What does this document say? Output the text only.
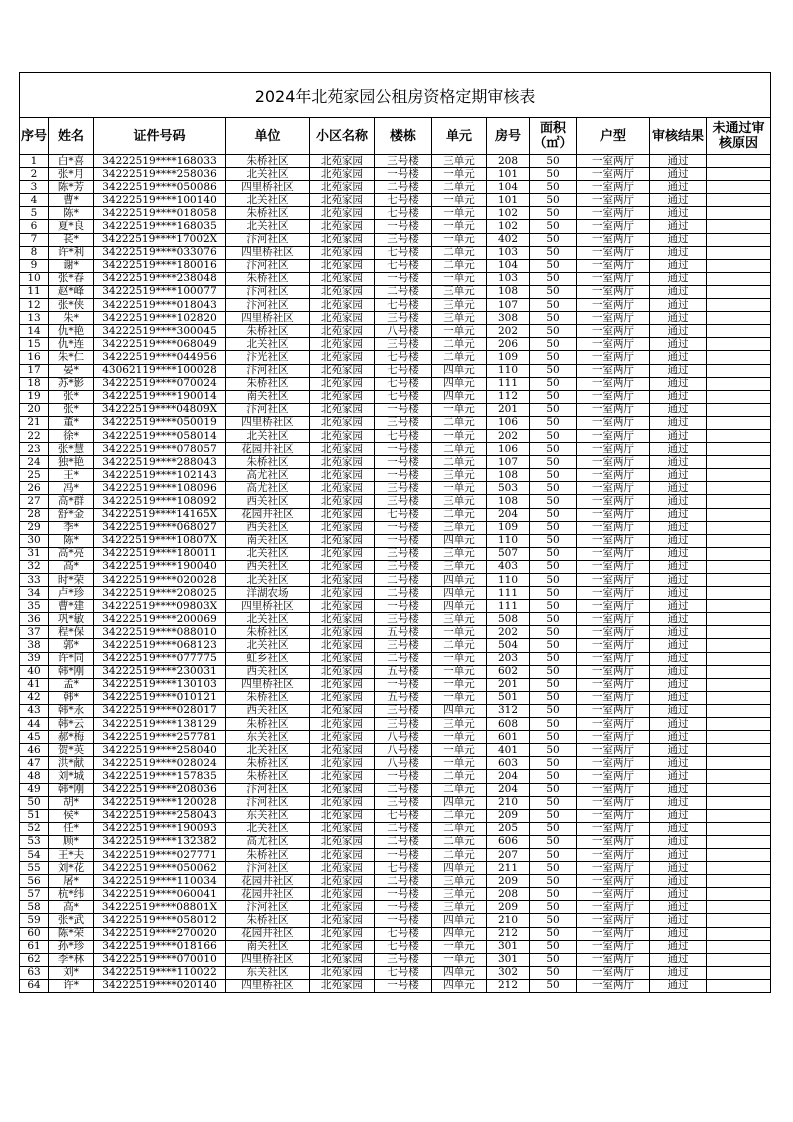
2024年北苑家园公租房资格定期审核表											
序号	姓名	证件号码	单位	小区名称	楼栋	单元	房号	面积（㎡）	户型	审核结果	未通过审核原因
1	白*喜	34222519****168033	朱桥社区	北苑家园	三号楼	三单元	208	50	一室两厅	通过	
2	张*月	34222519****258036	北关社区	北苑家园	一号楼	一单元	101	50	一室两厅	通过	
3	陈*芳	34222519****050086	四里桥社区	北苑家园	二号楼	二单元	104	50	一室两厅	通过	
4	曹*	34222519****100140	北关社区	北苑家园	七号楼	一单元	101	50	一室两厅	通过	
5	陈*	34222519****018058	朱桥社区	北苑家园	七号楼	一单元	102	50	一室两厅	通过	
6	夏*良	34222519****168035	北关社区	北苑家园	一号楼	一单元	102	50	一室两厅	通过	
7	苌*	34222519****17002X	汴河社区	北苑家园	三号楼	一单元	402	50	一室两厅	通过	
8	许*利	34222519****033076	四里桥社区	北苑家园	七号楼	二单元	103	50	一室两厅	通过	
9	谢*	34222519****180016	汴河社区	北苑家园	七号楼	二单元	104	50	一室两厅	通过	
10	张*春	34222519****238048	朱桥社区	北苑家园	一号楼	一单元	103	50	一室两厅	通过	
11	赵*峰	34222519****100077	汴河社区	北苑家园	二号楼	三单元	108	50	一室两厅	通过	
12	张*侠	34222519****018043	汴河社区	北苑家园	七号楼	三单元	107	50	一室两厅	通过	
13	朱*	34222519****102820	四里桥社区	北苑家园	三号楼	三单元	308	50	一室两厅	通过	
14	仇*艳	34222519****300045	朱桥社区	北苑家园	八号楼	一单元	202	50	一室两厅	通过	
15	仇*连	34222519****068049	北关社区	北苑家园	三号楼	二单元	206	50	一室两厅	通过	
16	朱*仁	34222519****044956	汴光社区	北苑家园	七号楼	二单元	109	50	一室两厅	通过	
17	晏*	43062119****100028	汴河社区	北苑家园	七号楼	四单元	110	50	一室两厅	通过	
18	苏*影	34222519****070024	朱桥社区	北苑家园	七号楼	四单元	111	50	一室两厅	通过	
19	张*	34222519****190014	南关社区	北苑家园	七号楼	四单元	112	50	一室两厅	通过	
20	张*	34222519****04809X	汴河社区	北苑家园	一号楼	一单元	201	50	一室两厅	通过	
21	董*	34222519****050019	四里桥社区	北苑家园	三号楼	二单元	106	50	一室两厅	通过	
22	徐*	34222519****058014	北关社区	北苑家园	七号楼	一单元	202	50	一室两厅	通过	
23	张*慧	34222519****078057	花园井社区	北苑家园	一号楼	二单元	106	50	一室两厅	通过	
24	独*艳	34222519****288043	朱桥社区	北苑家园	一号楼	二单元	107	50	一室两厅	通过	
25	王*	34222519****102143	高尤社区	北苑家园	一号楼	三单元	108	50	一室两厅	通过	
26	冯*	34222519****108096	高尤社区	北苑家园	三号楼	一单元	503	50	一室两厅	通过	
27	高*群	34222519****108092	西关社区	北苑家园	三号楼	三单元	108	50	一室两厅	通过	
28	舒*金	34222519****14165X	花园井社区	北苑家园	七号楼	二单元	204	50	一室两厅	通过	
29	季*	34222519****068027	西关社区	北苑家园	一号楼	三单元	109	50	一室两厅	通过	
30	陈*	34222519****10807X	南关社区	北苑家园	一号楼	四单元	110	50	一室两厅	通过	
31	高*亮	34222519****180011	北关社区	北苑家园	三号楼	三单元	507	50	一室两厅	通过	
32	高*	34222519****190040	西关社区	北苑家园	三号楼	三单元	403	50	一室两厅	通过	
33	时*荣	34222519****020028	北关社区	北苑家园	二号楼	四单元	110	50	一室两厅	通过	
34	卢*珍	34222519****208025	洋湖农场	北苑家园	二号楼	四单元	111	50	一室两厅	通过	
35	曹*建	34222519****09803X	四里桥社区	北苑家园	一号楼	四单元	111	50	一室两厅	通过	
36	巩*敏	34222519****200069	北关社区	北苑家园	三号楼	三单元	508	50	一室两厅	通过	
37	程*保	34222519****088010	朱桥社区	北苑家园	五号楼	一单元	202	50	一室两厅	通过	
38	郭*	34222519****068123	北关社区	北苑家园	三号楼	二单元	504	50	一室两厅	通过	
39	许*同	34222519****077775	虹乡社区	北苑家园	二号楼	一单元	203	50	一室两厅	通过	
40	韩*刚	34222519****230031	西关社区	北苑家园	五号楼	一单元	602	50	一室两厅	通过	
41	孟*	34222519****130103	四里桥社区	北苑家园	一号楼	一单元	201	50	一室两厅	通过	
42	韩*	34222519****010121	朱桥社区	北苑家园	五号楼	一单元	501	50	一室两厅	通过	
43	韩*永	34222519****028017	西关社区	北苑家园	三号楼	四单元	312	50	一室两厅	通过	
44	韩*云	34222519****138129	朱桥社区	北苑家园	三号楼	三单元	608	50	一室两厅	通过	
45	郝*梅	34222519****257781	东关社区	北苑家园	八号楼	一单元	601	50	一室两厅	通过	
46	贺*英	34222519****258040	北关社区	北苑家园	八号楼	一单元	401	50	一室两厅	通过	
47	洪*献	34222519****028024	朱桥社区	北苑家园	八号楼	一单元	603	50	一室两厅	通过	
48	刘*城	34222519****157835	朱桥社区	北苑家园	一号楼	二单元	204	50	一室两厅	通过	
49	韩*刚	34222519****208036	汴河社区	北苑家园	二号楼	二单元	204	50	一室两厅	通过	
50	胡*	34222519****120028	汴河社区	北苑家园	三号楼	四单元	210	50	一室两厅	通过	
51	侯*	34222519****258043	东关社区	北苑家园	七号楼	二单元	209	50	一室两厅	通过	
52	任*	34222519****190093	北关社区	北苑家园	二号楼	二单元	205	50	一室两厅	通过	
53	顾*	34222519****132382	高尤社区	北苑家园	二号楼	二单元	606	50	一室两厅	通过	
54	王*夫	34222519****027771	朱桥社区	北苑家园	一号楼	二单元	207	50	一室两厅	通过	
55	刘*花	34222519****050062	汴河社区	北苑家园	七号楼	四单元	211	50	一室两厅	通过	
56	屠*	34222519****110034	花园井社区	北苑家园	二号楼	三单元	209	50	一室两厅	通过	
57	杭*纬	34222519****060041	花园井社区	北苑家园	一号楼	三单元	208	50	一室两厅	通过	
58	高*	34222519****08801X	汴河社区	北苑家园	一号楼	三单元	209	50	一室两厅	通过	
59	张*武	34222519****058012	朱桥社区	北苑家园	一号楼	四单元	210	50	一室两厅	通过	
60	陈*荣	34222519****270020	花园井社区	北苑家园	七号楼	四单元	212	50	一室两厅	通过	
61	孙*珍	34222519****018166	南关社区	北苑家园	七号楼	一单元	301	50	一室两厅	通过	
62	李*林	34222519****070010	四里桥社区	北苑家园	三号楼	一单元	301	50	一室两厅	通过	
63	刘*	34222519****110022	东关社区	北苑家园	七号楼	四单元	302	50	一室两厅	通过	
64	许*	34222519****020140	四里桥社区	北苑家园	一号楼	四单元	212	50	一室两厅	通过	
